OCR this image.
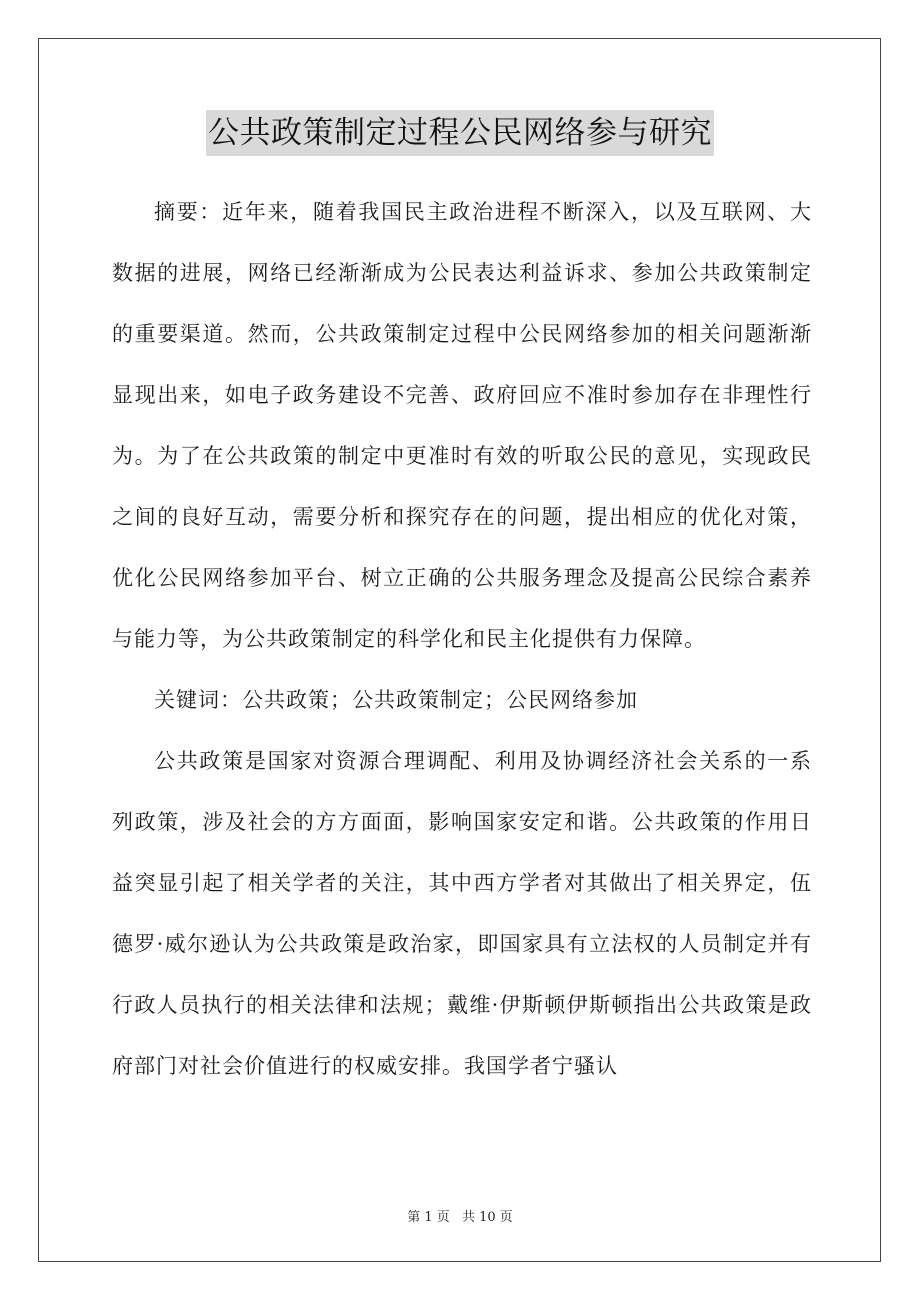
公共政策制定过程公民网络参与研究

摘要：近年来，随着我国民主政治进程不断深入，以及互联网、大数据的进展，网络已经渐渐成为公民表达利益诉求、参加公共政策制定的重要渠道。然而，公共政策制定过程中公民网络参加的相关问题渐渐显现出来，如电子政务建设不完善、政府回应不准时参加存在非理性行为。为了在公共政策的制定中更准时有效的听取公民的意见，实现政民之间的良好互动，需要分析和探究存在的问题，提出相应的优化对策，优化公民网络参加平台、树立正确的公共服务理念及提高公民综合素养与能力等，为公共政策制定的科学化和民主化提供有力保障。

关键词：公共政策；公共政策制定；公民网络参加

公共政策是国家对资源合理调配、利用及协调经济社会关系的一系列政策，涉及社会的方方面面，影响国家安定和谐。公共政策的作用日益突显引起了相关学者的关注，其中西方学者对其做出了相关界定，伍德罗·威尔逊认为公共政策是政治家，即国家具有立法权的人员制定并有行政人员执行的相关法律和法规；戴维·伊斯顿伊斯顿指出公共政策是政府部门对社会价值进行的权威安排。我国学者宁骚认

第 1 页 共 10 页
